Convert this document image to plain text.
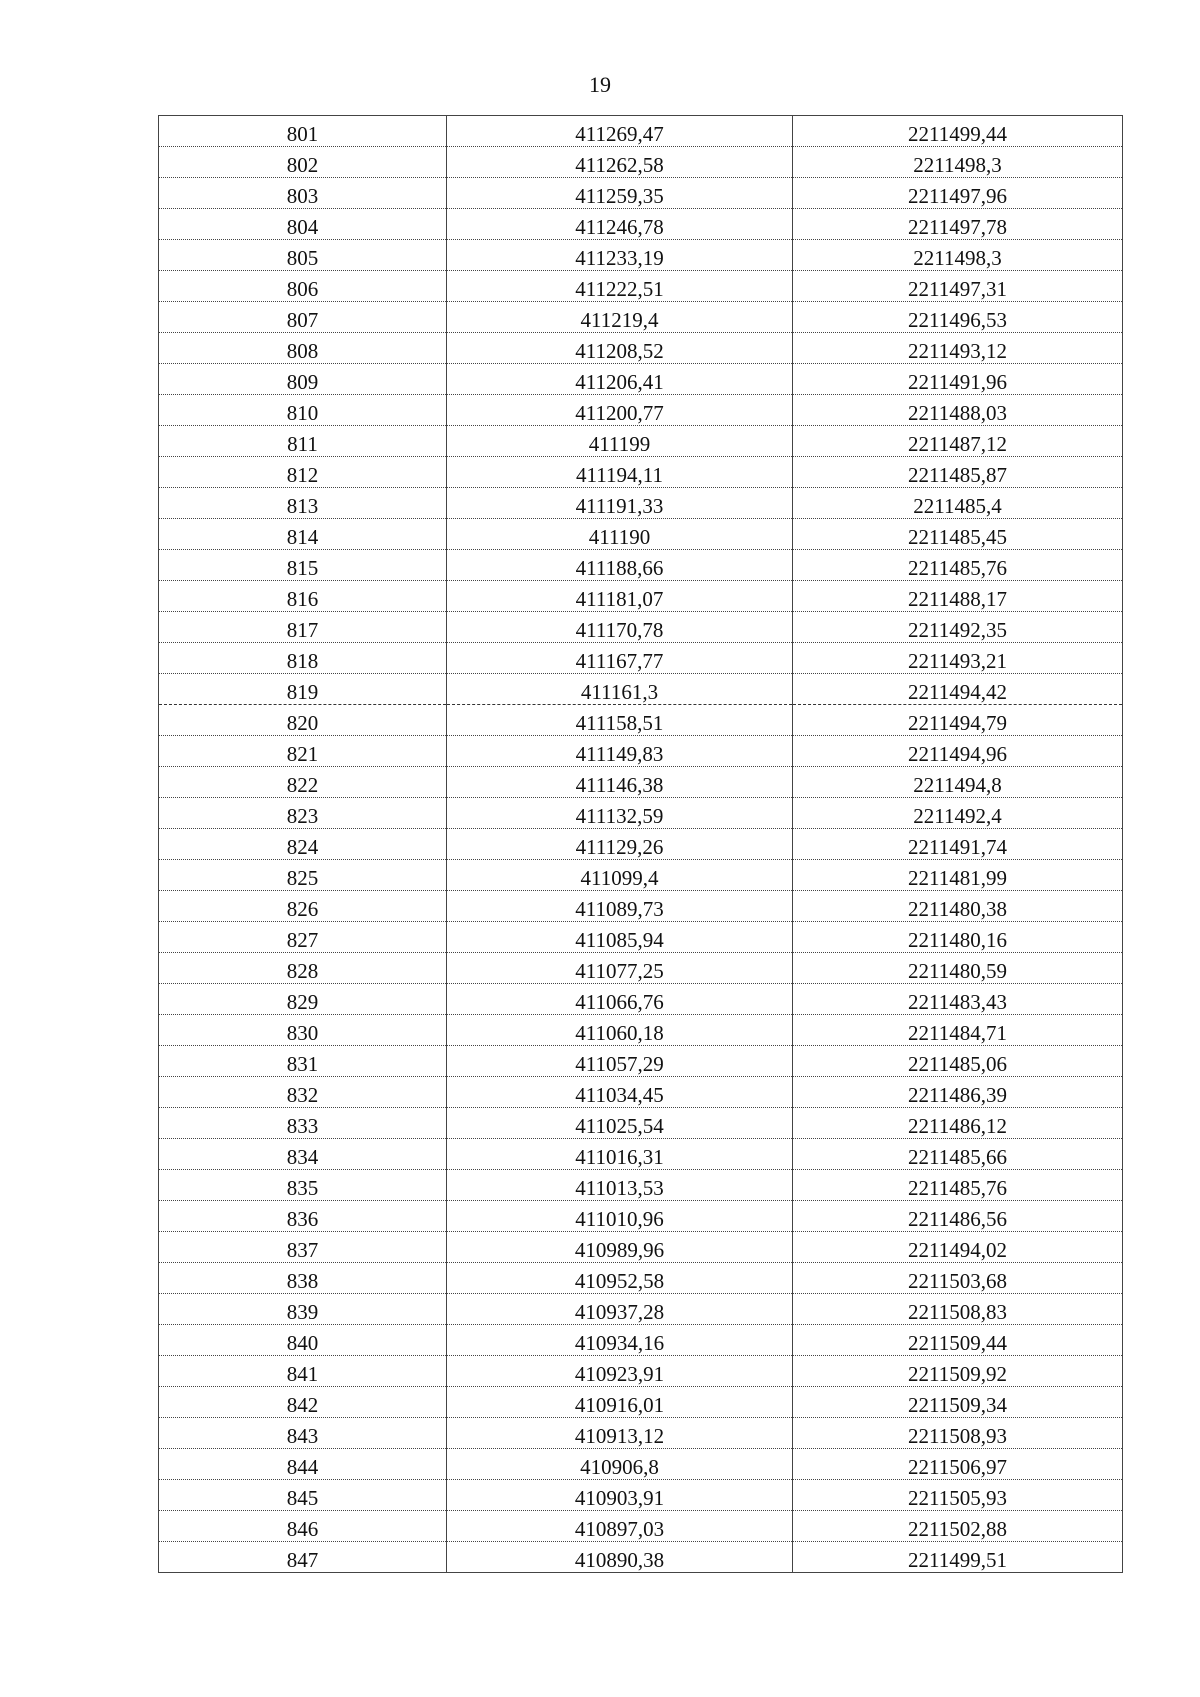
19
801	411269,47	2211499,44
802	411262,58	2211498,3
803	411259,35	2211497,96
804	411246,78	2211497,78
805	411233,19	2211498,3
806	411222,51	2211497,31
807	411219,4	2211496,53
808	411208,52	2211493,12
809	411206,41	2211491,96
810	411200,77	2211488,03
811	411199	2211487,12
812	411194,11	2211485,87
813	411191,33	2211485,4
814	411190	2211485,45
815	411188,66	2211485,76
816	411181,07	2211488,17
817	411170,78	2211492,35
818	411167,77	2211493,21
819	411161,3	2211494,42
820	411158,51	2211494,79
821	411149,83	2211494,96
822	411146,38	2211494,8
823	411132,59	2211492,4
824	411129,26	2211491,74
825	411099,4	2211481,99
826	411089,73	2211480,38
827	411085,94	2211480,16
828	411077,25	2211480,59
829	411066,76	2211483,43
830	411060,18	2211484,71
831	411057,29	2211485,06
832	411034,45	2211486,39
833	411025,54	2211486,12
834	411016,31	2211485,66
835	411013,53	2211485,76
836	411010,96	2211486,56
837	410989,96	2211494,02
838	410952,58	2211503,68
839	410937,28	2211508,83
840	410934,16	2211509,44
841	410923,91	2211509,92
842	410916,01	2211509,34
843	410913,12	2211508,93
844	410906,8	2211506,97
845	410903,91	2211505,93
846	410897,03	2211502,88
847	410890,38	2211499,51
